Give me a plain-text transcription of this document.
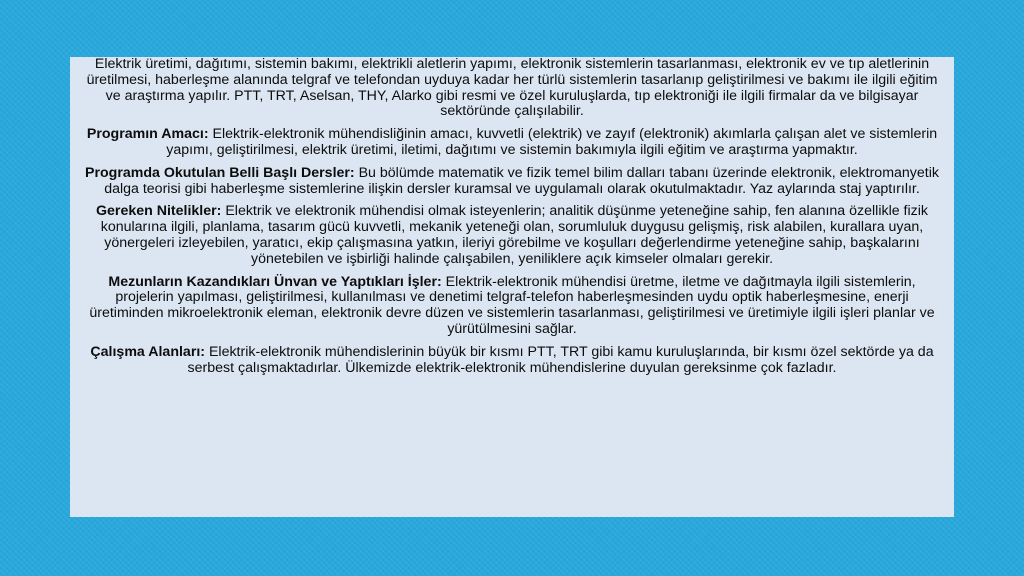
Elektrik üretimi, dağıtımı, sistemin bakımı, elektrikli aletlerin yapımı, elektronik sistemlerin tasarlanması, elektronik ev ve tıp aletlerinin üretilmesi, haberleşme alanında telgraf ve telefondan uyduya kadar her türlü sistemlerin tasarlanıp geliştirilmesi ve bakımı ile ilgili eğitim ve araştırma yapılır. PTT, TRT, Aselsan, THY, Alarko gibi resmi ve özel kuruluşlarda, tıp elektroniği ile ilgili firmalar da ve bilgisayar sektöründe çalışılabilir.

Programın Amacı: Elektrik-elektronik mühendisliğinin amacı, kuvvetli (elektrik) ve zayıf (elektronik) akımlarla çalışan alet ve sistemlerin yapımı, geliştirilmesi, elektrik üretimi, iletimi, dağıtımı ve sistemin bakımıyla ilgili eğitim ve araştırma yapmaktır.

Programda Okutulan Belli Başlı Dersler: Bu bölümde matematik ve fizik temel bilim dalları tabanı üzerinde elektronik, elektromanyetik dalga teorisi gibi haberleşme sistemlerine ilişkin dersler kuramsal ve uygulamalı olarak okutulmaktadır. Yaz aylarında staj yaptırılır.

Gereken Nitelikler: Elektrik ve elektronik mühendisi olmak isteyenlerin; analitik düşünme yeteneğine sahip, fen alanına özellikle fizik konularına ilgili, planlama, tasarım gücü kuvvetli, mekanik yeteneği olan, sorumluluk duygusu gelişmiş, risk alabilen, kurallara uyan, yönergeleri izleyebilen, yaratıcı, ekip çalışmasına yatkın, ileriyi görebilme ve koşulları değerlendirme yeteneğine sahip, başkalarını yönetebilen ve işbirliği halinde çalışabilen, yeniliklere açık kimseler olmaları gerekir.

Mezunların Kazandıkları Ünvan ve Yaptıkları İşler: Elektrik-elektronik mühendisi üretme, iletme ve dağıtmayla ilgili sistemlerin, projelerin yapılması, geliştirilmesi, kullanılması ve denetimi telgraf-telefon haberleşmesinden uydu optik haberleşmesine, enerji üretiminden mikroelektronik eleman, elektronik devre düzen ve sistemlerin tasarlanması, geliştirilmesi ve üretimiyle ilgili işleri planlar ve yürütülmesini sağlar.

Çalışma Alanları: Elektrik-elektronik mühendislerinin büyük bir kısmı PTT, TRT gibi kamu kuruluşlarında, bir kısmı özel sektörde ya da serbest çalışmaktadırlar. Ülkemizde elektrik-elektronik mühendislerine duyulan gereksinme çok fazladır.
